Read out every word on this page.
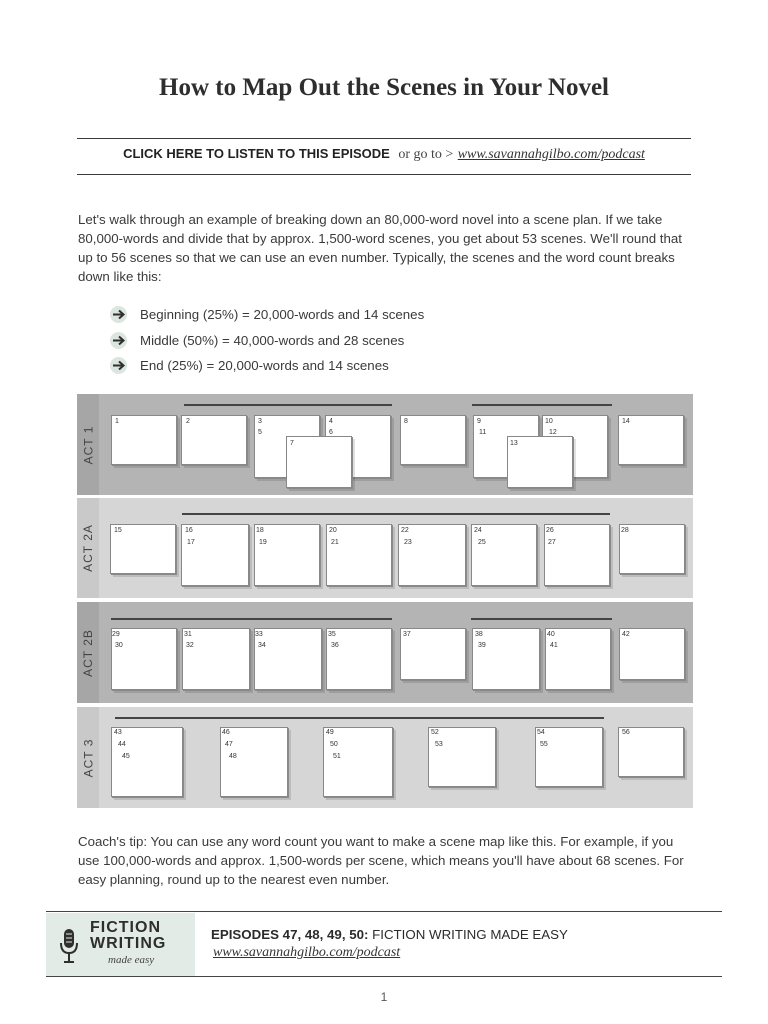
How to Map Out the Scenes in Your Novel
CLICK HERE TO LISTEN TO THIS EPISODE or go to > www.savannahgilbo.com/podcast

Let's walk through an example of breaking down an 80,000-word novel into a scene plan. If we take 80,000-words and divide that by approx. 1,500-word scenes, you get about 53 scenes. We'll round that up to 56 scenes so that we can use an even number. Typically, the scenes and the word count breaks down like this:

Beginning (25%) = 20,000-words and 14 scenes
Middle (50%) = 40,000-words and 28 scenes
End (25%) = 20,000-words and 14 scenes
ACT 1
1	2	3	4
5	6
7
8	9	10
11	12
13
14
ACT 2A	15	16
17
18
19
20
21
22
23
24
25
26
27
28
ACT 2B 29
30
31
32
33
34
35
36
37	38
39
40
41
42
ACT 3
43
44
45
46
47
48
49
50
51
52
53
54
55
56

Coach's tip: You can use any word count you want to make a scene map like this. For example, if you use 100,000-words and approx. 1,500-words per scene, which means you'll have about 68 scenes. For easy planning, round up to the nearest even number.

FICTION
WRITING
made easy
EPISODES 47, 48, 49, 50: FICTION WRITING MADE EASY
www.savannahgilbo.com/podcast
1
